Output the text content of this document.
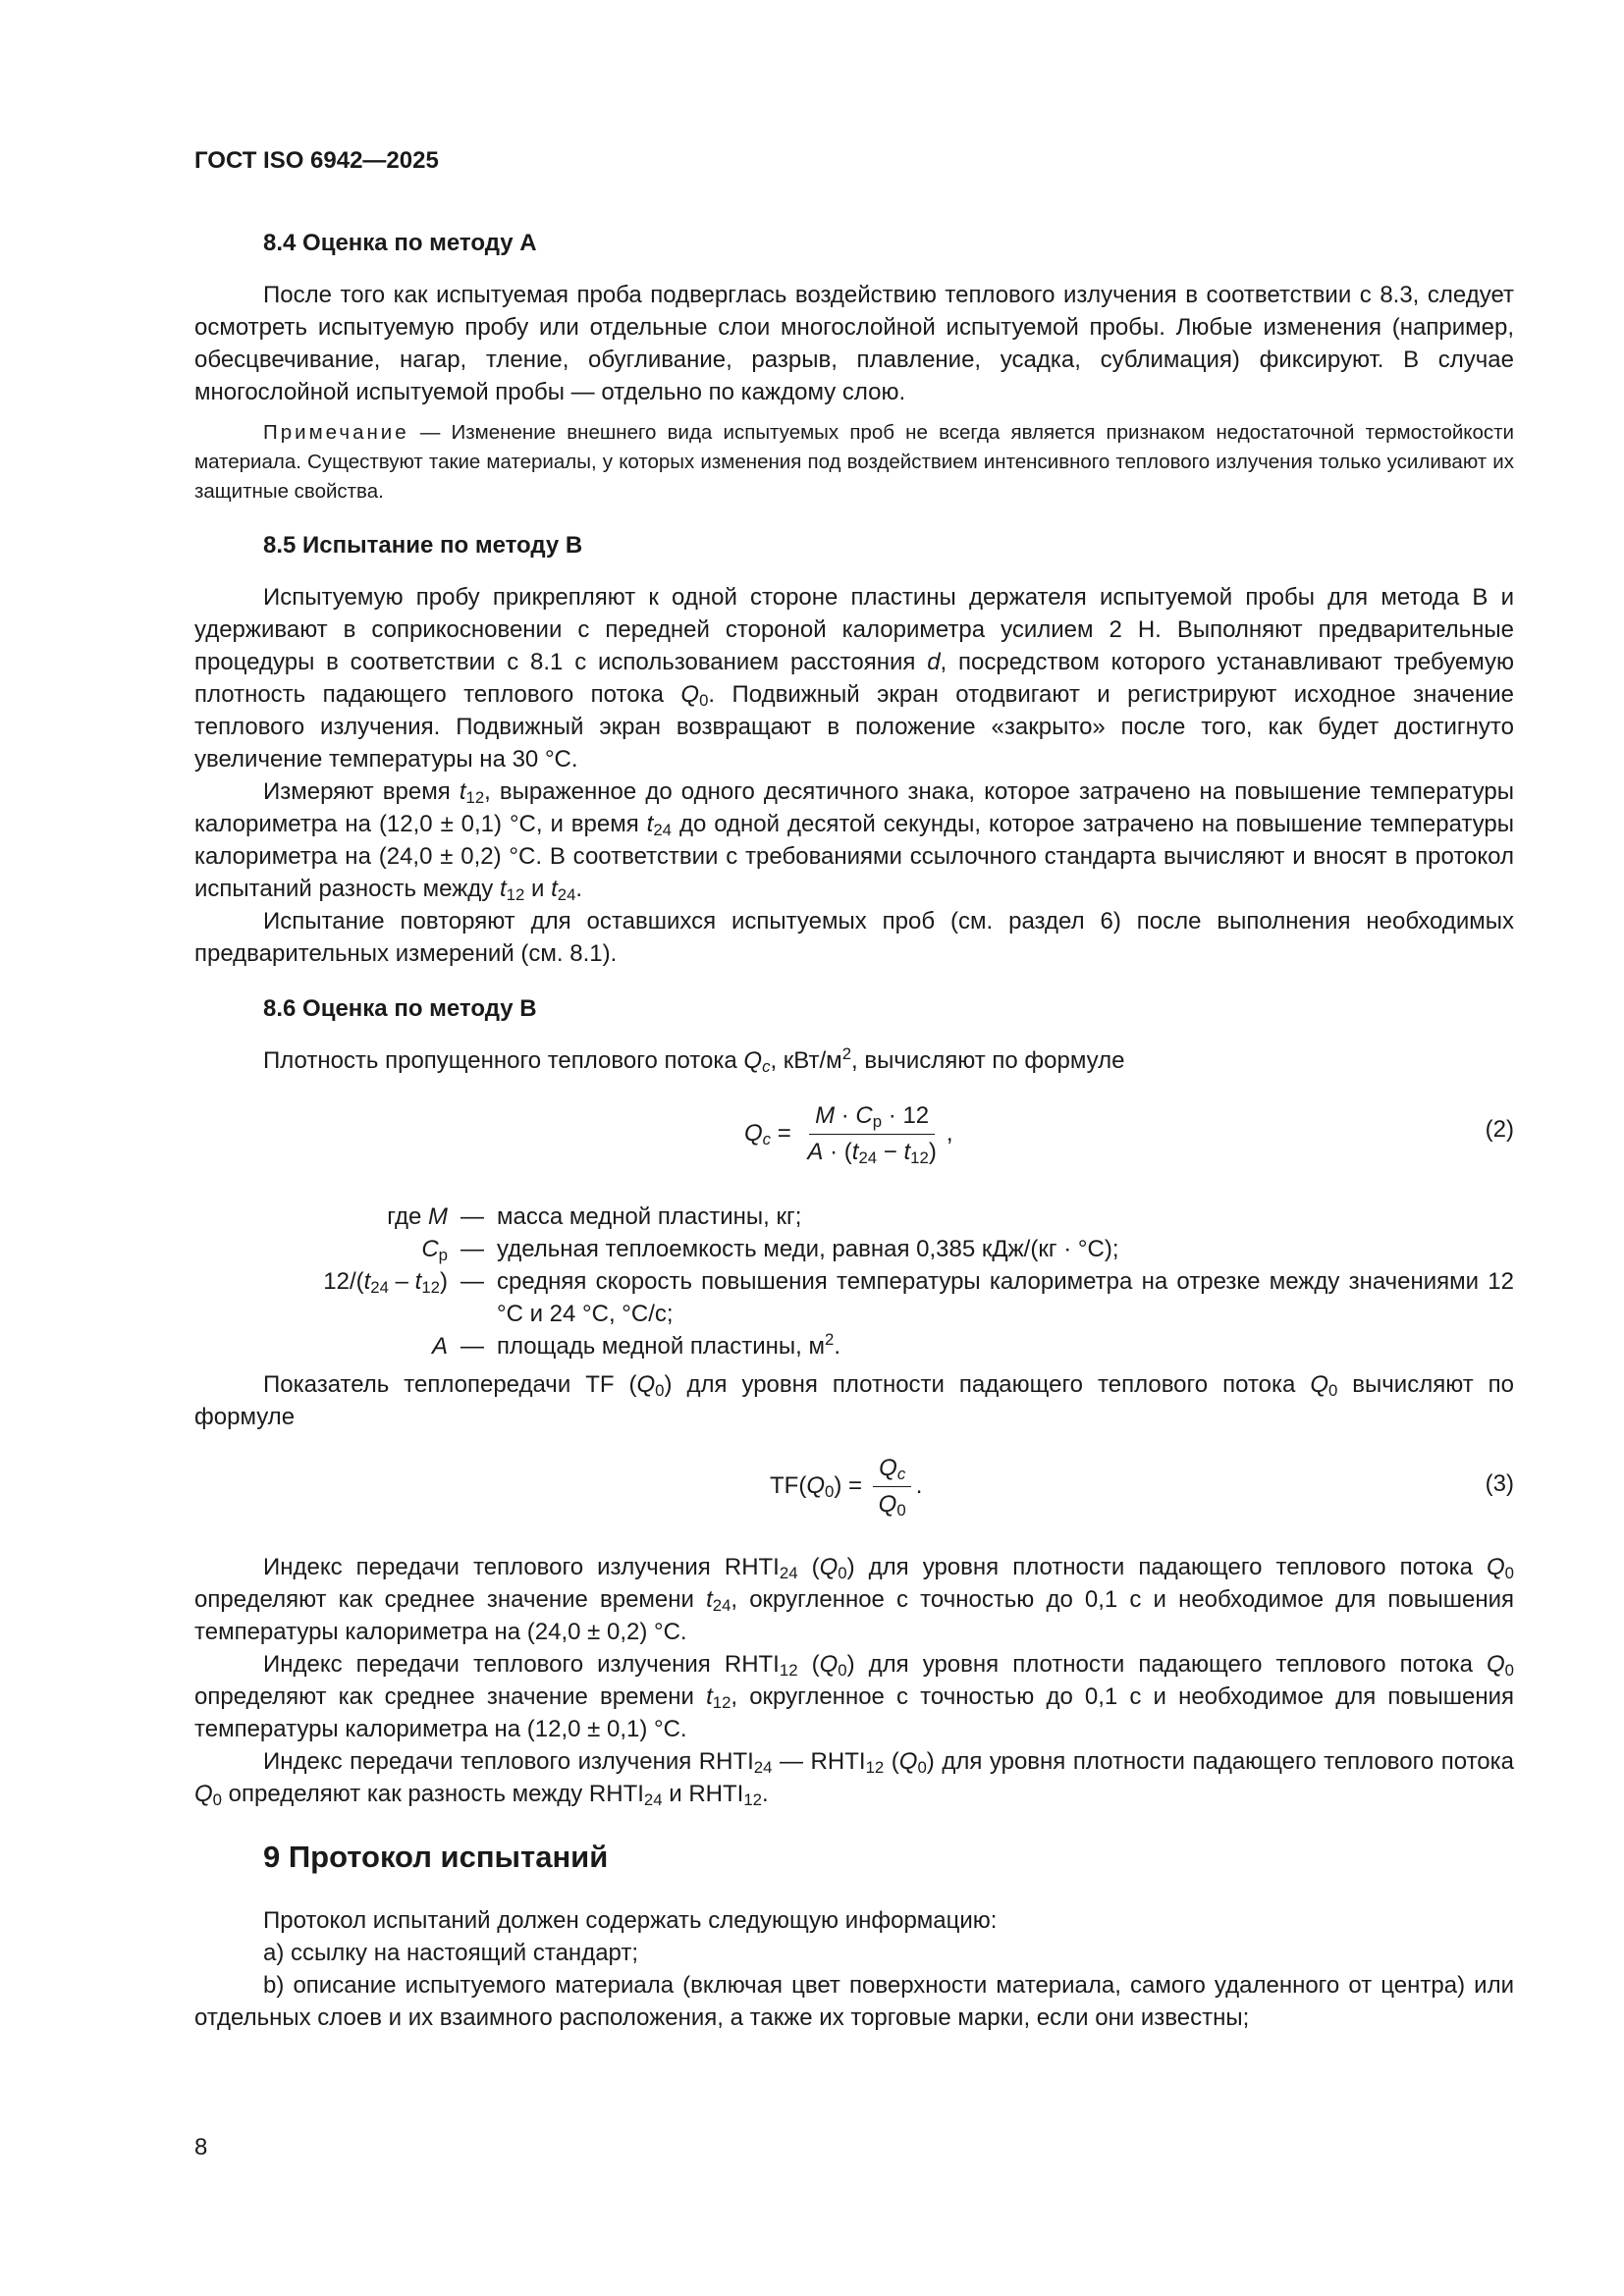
ГОСТ ISO 6942—2025
8.4 Оценка по методу А

После того как испытуемая проба подверглась воздействию теплового излучения в соответствии с 8.3, следует осмотреть испытуемую пробу или отдельные слои многослойной испытуемой пробы. Любые изменения (например, обесцвечивание, нагар, тление, обугливание, разрыв, плавление, усадка, сублимация) фиксируют. В случае многослойной испытуемой пробы — отдельно по каждому слою.

Примечание — Изменение внешнего вида испытуемых проб не всегда является признаком недостаточной термостойкости материала. Существуют такие материалы, у которых изменения под воздействием интенсивного теплового излучения только усиливают их защитные свойства.

8.5 Испытание по методу В

Испытуемую пробу прикрепляют к одной стороне пластины держателя испытуемой пробы для метода В и удерживают в соприкосновении с передней стороной калориметра усилием 2 Н. Выполняют предварительные процедуры в соответствии с 8.1 с использованием расстояния d, посредством которого устанавливают требуемую плотность падающего теплового потока $Q_0$. Подвижный экран отодвигают и регистрируют исходное значение теплового излучения. Подвижный экран возвращают в положение «закрыто» после того, как будет достигнуто увеличение температуры на 30 °С.

Измеряют время $t_{12}$, выраженное до одного десятичного знака, которое затрачено на повышение температуры калориметра на (12,0 ± 0,1) °С, и время $t_{24}$ до одной десятой секунды, которое затрачено на повышение температуры калориметра на (24,0 ± 0,2) °С. В соответствии с требованиями ссылочного стандарта вычисляют и вносят в протокол испытаний разность между $t_{12}$ и $t_{24}$.

Испытание повторяют для оставшихся испытуемых проб (см. раздел 6) после выполнения необходимых предварительных измерений (см. 8.1).

8.6 Оценка по методу В

Плотность пропущенного теплового потока $Q_c$, кВт/$м^2$, вычисляют по формуле

$Q_c = \frac{M \cdot C_р \cdot 12}{A \cdot (t_{24} - t_{12})}$ ,	(2)
где M — масса медной пластины, кг;
$C_р$ — удельная теплоемкость меди, равная 0,385 кДж/(кг · °С);
$12/(t_{24} - t_{12})$ — средняя скорость повышения температуры калориметра на отрезке между значениями 12 °С и 24 °С, °С/с;
A — площадь медной пластины, $м^2$.

Показатель теплопередачи TF $(Q_0)$ для уровня плотности падающего теплового потока $Q_0$ вычисляют по формуле

$TF(Q_0) = \frac{Q_c}{Q_0}$ .	(3)

Индекс передачи теплового излучения $RHTI_{24}$ $(Q_0)$ для уровня плотности падающего теплового потока $Q_0$ определяют как среднее значение времени $t_{24}$, округленное с точностью до 0,1 с и необходимое для повышения температуры калориметра на (24,0 ± 0,2) °С.

Индекс передачи теплового излучения $RHTI_{12}$ $(Q_0)$ для уровня плотности падающего теплового потока $Q_0$ определяют как среднее значение времени $t_{12}$, округленное с точностью до 0,1 с и необходимое для повышения температуры калориметра на (12,0 ± 0,1) °С.

Индекс передачи теплового излучения $RHTI_{24}$ — $RHTI_{12}$ $(Q_0)$ для уровня плотности падающего теплового потока $Q_0$ определяют как разность между $RHTI_{24}$ и $RHTI_{12}$.

9 Протокол испытаний

Протокол испытаний должен содержать следующую информацию:

a) ссылку на настоящий стандарт;

b) описание испытуемого материала (включая цвет поверхности материала, самого удаленного от центра) или отдельных слоев и их взаимного расположения, а также их торговые марки, если они известны;

8
